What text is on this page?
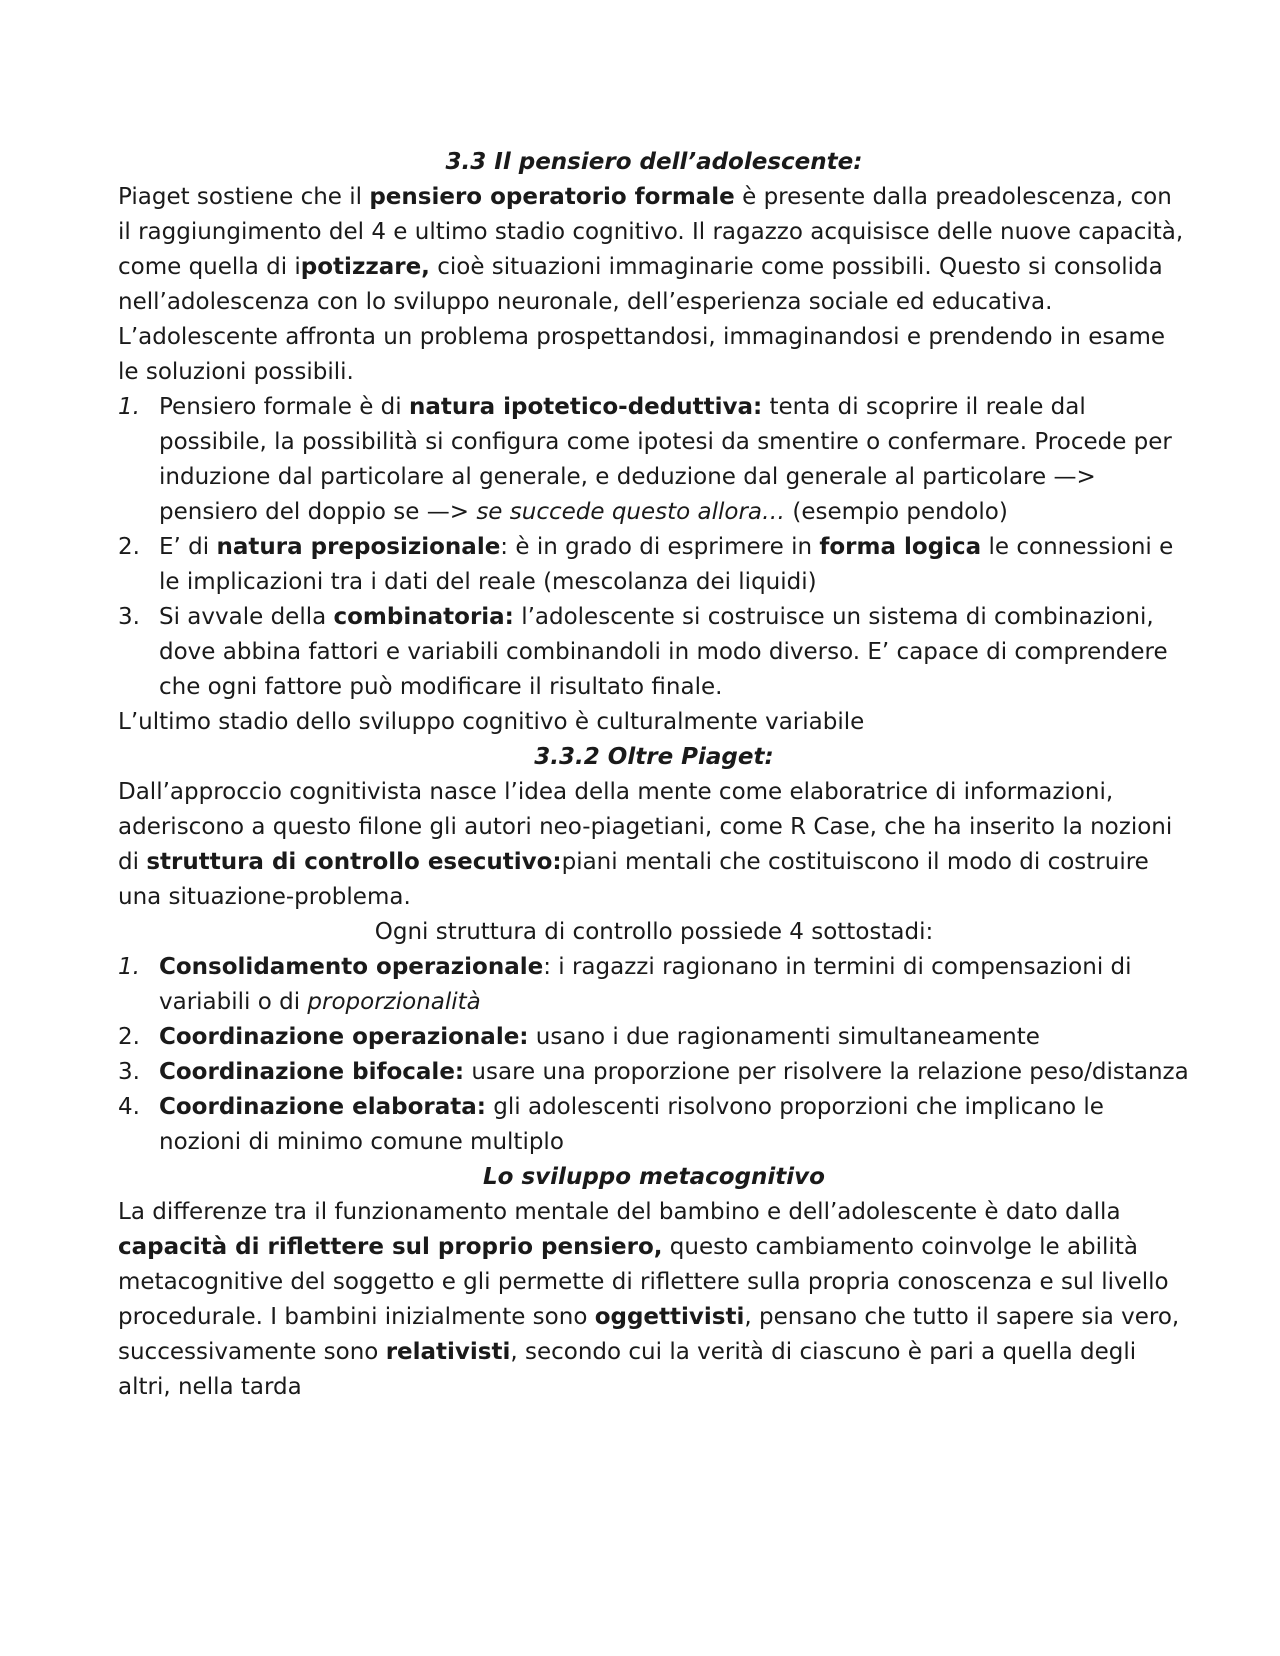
3.3 Il pensiero dell’adolescente:

Piaget sostiene che il pensiero operatorio formale è presente dalla preadolescenza, con il raggiungimento del 4 e ultimo stadio cognitivo. Il ragazzo acquisisce delle nuove capacità, come quella di ipotizzare, cioè situazioni immaginarie come possibili. Questo si consolida nell’adolescenza con lo sviluppo neuronale, dell’esperienza sociale ed educativa.

L’adolescente affronta un problema prospettandosi, immaginandosi e prendendo in esame le soluzioni possibili.

1. Pensiero formale è di natura ipotetico-deduttiva: tenta di scoprire il reale dal possibile, la possibilità si configura come ipotesi da smentire o confermare. Procede per induzione dal particolare al generale, e deduzione dal generale al particolare —> pensiero del doppio se —> se succede questo allora… (esempio pendolo)
2. E’ di natura preposizionale: è in grado di esprimere in forma logica le connessioni e le implicazioni tra i dati del reale (mescolanza dei liquidi)
3. Si avvale della combinatoria: l’adolescente si costruisce un sistema di combinazioni, dove abbina fattori e variabili combinandoli in modo diverso. E’ capace di comprendere che ogni fattore può modificare il risultato finale.

L’ultimo stadio dello sviluppo cognitivo è culturalmente variabile

3.3.2 Oltre Piaget:

Dall’approccio cognitivista nasce l’idea della mente come elaboratrice di informazioni, aderiscono a questo filone gli autori neo-piagetiani, come R Case, che ha inserito la nozioni di struttura di controllo esecutivo:piani mentali che costituiscono il modo di costruire una situazione-problema.

Ogni struttura di controllo possiede 4 sottostadi:

1. Consolidamento operazionale: i ragazzi ragionano in termini di compensazioni di variabili o di proporzionalità
2. Coordinazione operazionale: usano i due ragionamenti simultaneamente
3. Coordinazione bifocale: usare una proporzione per risolvere la relazione peso/distanza
4. Coordinazione elaborata: gli adolescenti risolvono proporzioni che implicano le nozioni di minimo comune multiplo

Lo sviluppo metacognitivo

La differenze tra il funzionamento mentale del bambino e dell’adolescente è dato dalla capacità di riflettere sul proprio pensiero, questo cambiamento coinvolge le abilità metacognitive del soggetto e gli permette di riflettere sulla propria conoscenza e sul livello procedurale. I bambini inizialmente sono oggettivisti, pensano che tutto il sapere sia vero, successivamente sono relativisti, secondo cui la verità di ciascuno è pari a quella degli altri, nella tarda
